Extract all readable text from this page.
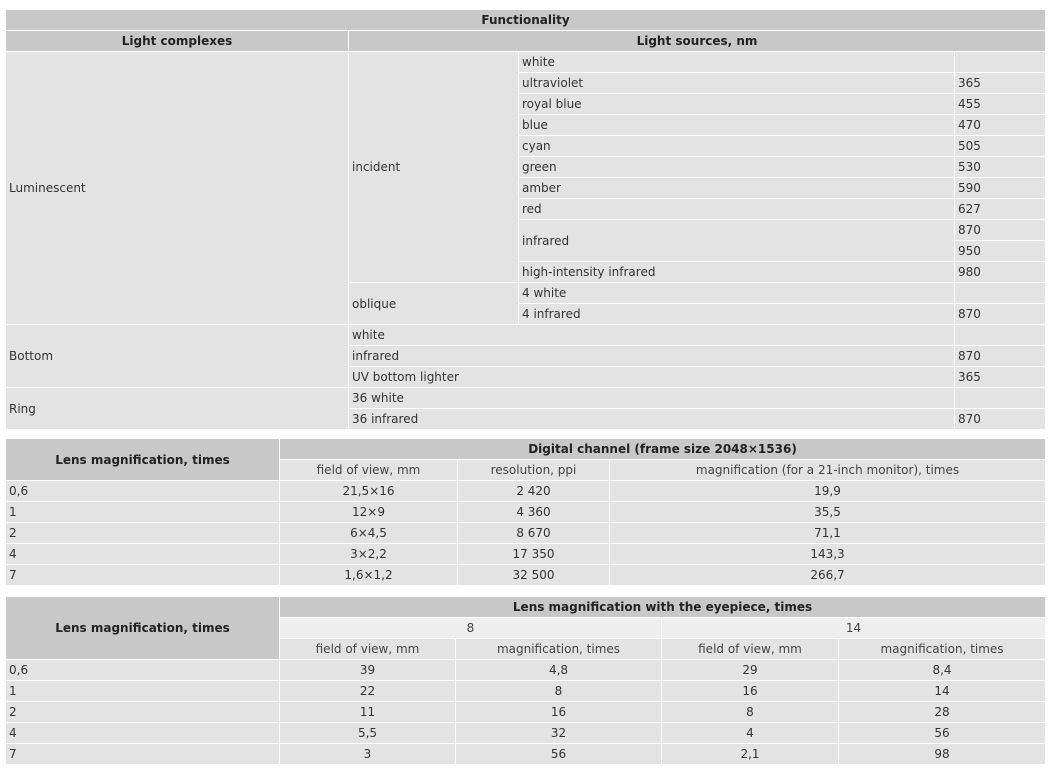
Functionality			
Light complexes	Light sources, nm		
Luminescent	incident	white	
		ultraviolet	365
		royal blue	455
		blue	470
		cyan	505
		green	530
		amber	590
		red	627
		infrared	870
			950
		high-intensity infrared	980
	oblique	4 white	
		4 infrared	870
Bottom	white		
	infrared		870
	UV bottom lighter		365
Ring	36 white		
	36 infrared		870
Lens magnification, times	Digital channel (frame size 2048×1536)		
	field of view, mm	resolution, ppi	magnification (for a 21-inch monitor), times
0,6	21,5×16	2 420	19,9
1	12×9	4 360	35,5
2	6×4,5	8 670	71,1
4	3×2,2	17 350	143,3
7	1,6×1,2	32 500	266,7
Lens magnification, times	Lens magnification with the eyepiece, times			
	8		14	
	field of view, mm	magnification, times	field of view, mm	magnification, times
0,6	39	4,8	29	8,4
1	22	8	16	14
2	11	16	8	28
4	5,5	32	4	56
7	3	56	2,1	98
